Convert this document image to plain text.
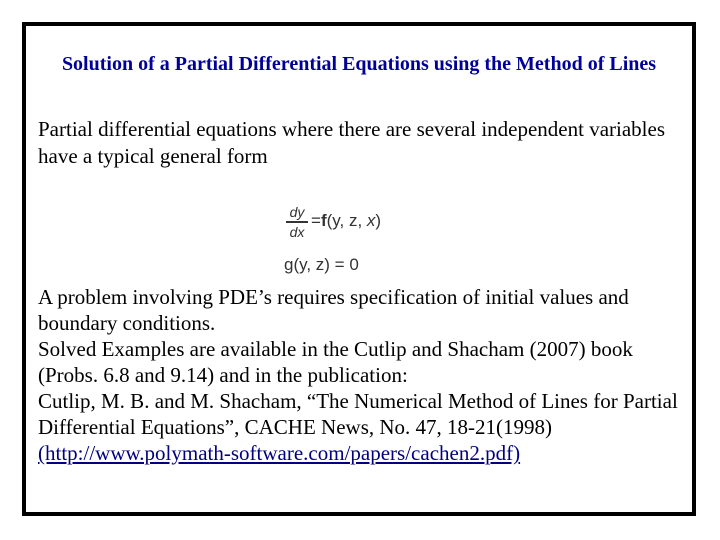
Solution of a Partial Differential Equations using the Method of Lines

Partial differential equations where there are several independent variables have a typical general form

dy
dx
=f(y, z, x)
g(y, z) = 0

A problem involving PDE’s requires specification of initial values and boundary conditions.

Solved Examples are available in the Cutlip and Shacham (2007) book (Probs. 6.8 and 9.14) and in the publication:

Cutlip, M. B. and M. Shacham, “The Numerical Method of Lines for Partial Differential Equations”, CACHE News, No. 47, 18-21(1998) (http://www.polymath-software.com/papers/cachen2.pdf)
